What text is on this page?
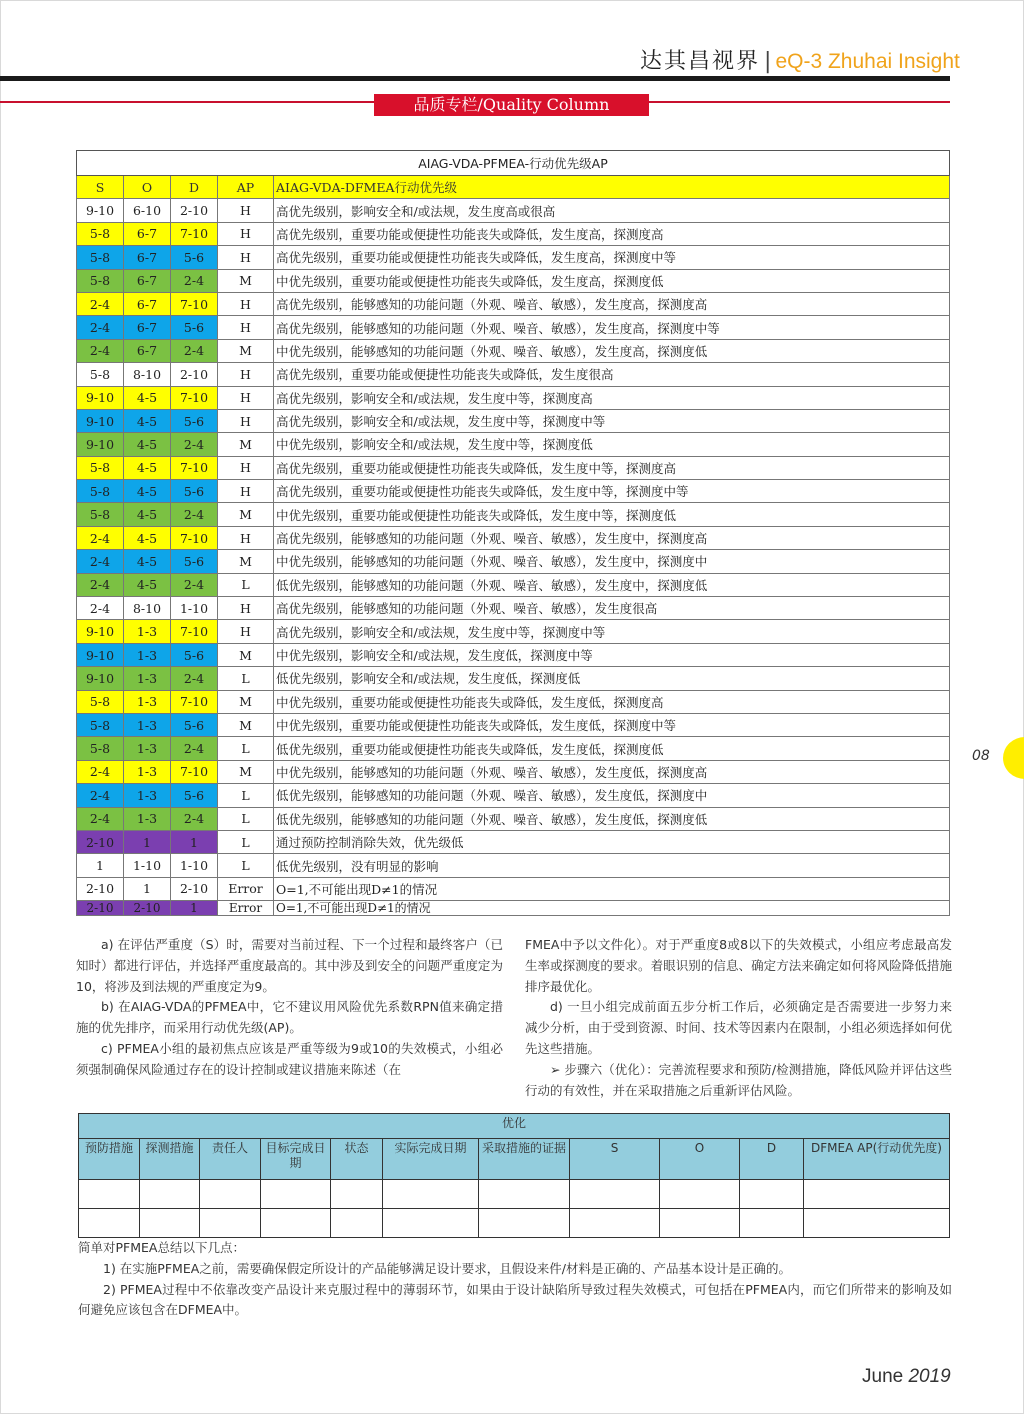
达其昌视界 | eQ-3 Zhuhai Insight
品质专栏/Quality Column
AIAG-VDA-PFMEA-行动优先级AP				
S	O	D	AP	AIAG-VDA-DFMEA行动优先级
9-10	6-10	2-10	H	高优先级别，影响安全和/或法规，发生度高或很高
5-8	6-7	7-10	H	高优先级别，重要功能或便捷性功能丧失或降低，发生度高，探测度高
5-8	6-7	5-6	H	高优先级别，重要功能或便捷性功能丧失或降低，发生度高，探测度中等
5-8	6-7	2-4	M	中优先级别，重要功能或便捷性功能丧失或降低，发生度高，探测度低
2-4	6-7	7-10	H	高优先级别，能够感知的功能问题（外观、噪音、敏感），发生度高，探测度高
2-4	6-7	5-6	H	高优先级别，能够感知的功能问题（外观、噪音、敏感），发生度高，探测度中等
2-4	6-7	2-4	M	中优先级别，能够感知的功能问题（外观、噪音、敏感），发生度高，探测度低
5-8	8-10	2-10	H	高优先级别，重要功能或便捷性功能丧失或降低，发生度很高
9-10	4-5	7-10	H	高优先级别，影响安全和/或法规，发生度中等，探测度高
9-10	4-5	5-6	H	高优先级别，影响安全和/或法规，发生度中等，探测度中等
9-10	4-5	2-4	M	中优先级别，影响安全和/或法规，发生度中等，探测度低
5-8	4-5	7-10	H	高优先级别，重要功能或便捷性功能丧失或降低，发生度中等，探测度高
5-8	4-5	5-6	H	高优先级别，重要功能或便捷性功能丧失或降低，发生度中等，探测度中等
5-8	4-5	2-4	M	中优先级别，重要功能或便捷性功能丧失或降低，发生度中等，探测度低
2-4	4-5	7-10	H	高优先级别，能够感知的功能问题（外观、噪音、敏感），发生度中，探测度高
2-4	4-5	5-6	M	中优先级别，能够感知的功能问题（外观、噪音、敏感），发生度中，探测度中
2-4	4-5	2-4	L	低优先级别，能够感知的功能问题（外观、噪音、敏感），发生度中，探测度低
2-4	8-10	1-10	H	高优先级别，能够感知的功能问题（外观、噪音、敏感），发生度很高
9-10	1-3	7-10	H	高优先级别，影响安全和/或法规，发生度中等，探测度中等
9-10	1-3	5-6	M	中优先级别，影响安全和/或法规，发生度低，探测度中等
9-10	1-3	2-4	L	低优先级别，影响安全和/或法规，发生度低，探测度低
5-8	1-3	7-10	M	中优先级别，重要功能或便捷性功能丧失或降低，发生度低，探测度高
5-8	1-3	5-6	M	中优先级别，重要功能或便捷性功能丧失或降低，发生度低，探测度中等
5-8	1-3	2-4	L	低优先级别，重要功能或便捷性功能丧失或降低，发生度低，探测度低
2-4	1-3	7-10	M	中优先级别，能够感知的功能问题（外观、噪音、敏感），发生度低，探测度高
2-4	1-3	5-6	L	低优先级别，能够感知的功能问题（外观、噪音、敏感），发生度低，探测度中
2-4	1-3	2-4	L	低优先级别，能够感知的功能问题（外观、噪音、敏感），发生度低，探测度低
2-10	1	1	L	通过预防控制消除失效，优先级低
1	1-10	1-10	L	低优先级别，没有明显的影响
2-10	1	2-10	Error	O=1,不可能出现D≠1的情况
2-10	2-10	1	Error	O=1,不可能出现D≠1的情况

a) 在评估严重度（S）时，需要对当前过程、下一个过程和最终客户（已知时）都进行评估，并选择严重度最高的。其中涉及到安全的问题严重度定为10，将涉及到法规的严重度定为9。

b) 在AIAG-VDA的PFMEA中，它不建议用风险优先系数RPN值来确定措施的优先排序，而采用行动优先级(AP)。

c) PFMEA小组的最初焦点应该是严重等级为9或10的失效模式，小组必须强制确保风险通过存在的设计控制或建议措施来陈述（在

FMEA中予以文件化）。对于严重度8或8以下的失效模式，小组应考虑最高发生率或探测度的要求。着眼识别的信息、确定方法来确定如何将风险降低措施排序最优化。

d) 一旦小组完成前面五步分析工作后，必须确定是否需要进一步努力来减少分析，由于受到资源、时间、技术等因素内在限制，小组必须选择如何优先这些措施。

➢ 步骤六（优化）：完善流程要求和预防/检测措施，降低风险并评估这些行动的有效性，并在采取措施之后重新评估风险。

优化										
预防措施	探测措施	责任人	目标完成日期	状态	实际完成日期	采取措施的证据	S	O	D	DFMEA AP(行动优先度)

简单对PFMEA总结以下几点：

1) 在实施PFMEA之前，需要确保假定所设计的产品能够满足设计要求，且假设来件/材料是正确的、产品基本设计是正确的。

2) PFMEA过程中不依靠改变产品设计来克服过程中的薄弱环节，如果由于设计缺陷所导致过程失效模式，可包括在PFMEA内，而它们所带来的影响及如何避免应该包含在DFMEA中。

08
June 2019
